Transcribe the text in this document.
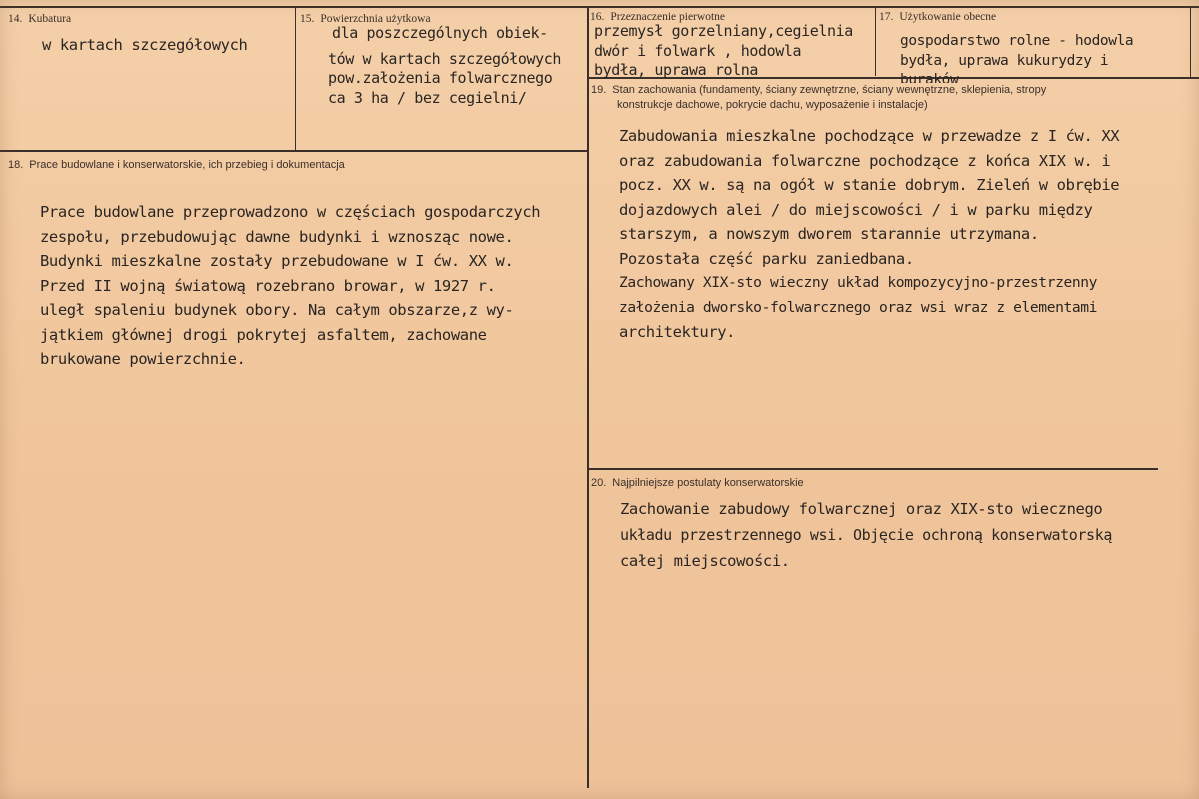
14. Kubatura
w kartach szczegółowych
15. Powierzchnia użytkowa
dla poszczególnych obiek-
tów w kartach szczegółowych
pow.założenia folwarcznego
ca 3 ha / bez cegielni/
16. Przeznaczenie pierwotne
przemysł gorzelniany,cegielnia
dwór i folwark , hodowla
bydła, uprawa rolna
17. Użytkowanie obecne
gospodarstwo rolne - hodowla
bydła, uprawa kukurydzy i
buraków
18. Prace budowlane i konserwatorskie, ich przebieg i dokumentacja
Prace budowlane przeprowadzono w częściach gospodarczych
zespołu, przebudowując dawne budynki i wznosząc nowe.
Budynki mieszkalne zostały przebudowane w I ćw. XX w.
Przed II wojną światową rozebrano browar, w 1927 r.
uległ spaleniu budynek obory. Na całym obszarze,z wy-
jątkiem głównej drogi pokrytej asfaltem, zachowane
brukowane powierzchnie.
19. Stan zachowania (fundamenty, ściany zewnętrzne, ściany wewnętrzne, sklepienia, stropy
konstrukcje dachowe, pokrycie dachu, wyposażenie i instalacje)
Zabudowania mieszkalne pochodzące w przewadze z I ćw. XX
oraz zabudowania folwarczne pochodzące z końca XIX w. i
pocz. XX w. są na ogół w stanie dobrym. Zieleń w obrębie
dojazdowych alei / do miejscowości / i w parku między
starszym, a nowszym dworem starannie utrzymana.
Pozostała część parku zaniedbana.
Zachowany XIX-sto wieczny układ kompozycyjno-przestrzenny
założenia dworsko-folwarcznego oraz wsi wraz z elementami
architektury.
20. Najpilniejsze postulaty konserwatorskie
Zachowanie zabudowy folwarcznej oraz XIX-sto wiecznego
układu przestrzennego wsi. Objęcie ochroną konserwatorską
całej miejscowości.
